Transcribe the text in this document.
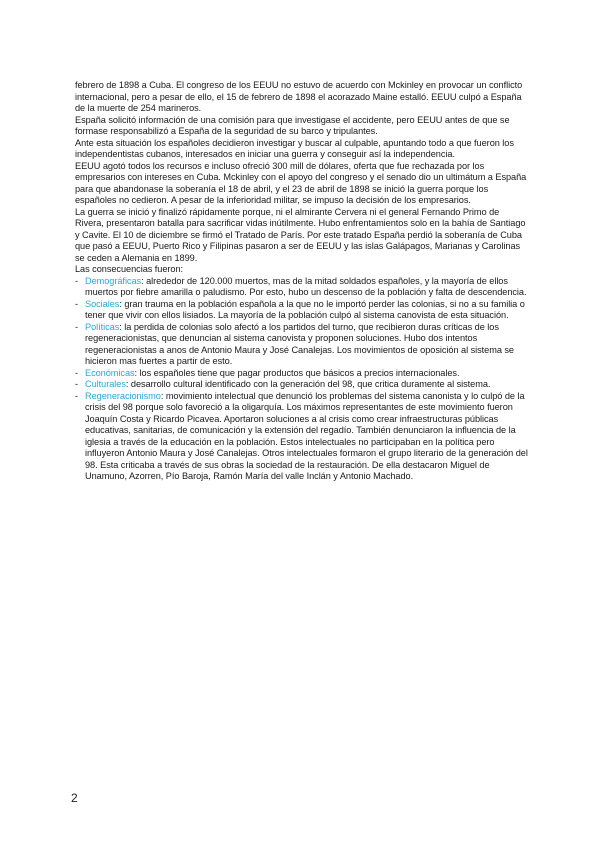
febrero de 1898 a Cuba. El congreso de los EEUU no estuvo de acuerdo con Mckinley en provocar un conflicto internacional, pero a pesar de ello, el 15 de febrero de 1898 el acorazado Maine estalló. EEUU culpó a España de la muerte de 254 marineros.

España solicitó información de una comisión para que investigase el accidente, pero EEUU antes de que se formase responsabilizó a España de la seguridad de su barco y tripulantes.

Ante esta situación los españoles decidieron investigar y buscar al culpable, apuntando todo a que fueron los independentistas cubanos, interesados en iniciar una guerra y conseguir así la independencia.

EEUU agotó todos los recursos e incluso ofreció 300 mill de dólares, oferta que fue rechazada por los empresarios con intereses en Cuba. Mckinley con el apoyo del congreso y el senado dio un ultimátum a España para que abandonase la soberanía el 18 de abril, y el 23 de abril de 1898 se inició la guerra porque los españoles no cedieron. A pesar de la inferioridad militar, se impuso la decisión de los empresarios.

La guerra se inició y finalizó rápidamente porque, ni el almirante Cervera ni el general Fernando Primo de Rivera, presentaron batalla para sacrificar vidas inútilmente. Hubo enfrentamientos solo en la bahía de Santiago y Cavite. El 10 de diciembre se firmó el Tratado de París. Por este tratado España perdió la soberanía de Cuba que pasó a EEUU, Puerto Rico y Filipinas pasaron a ser de EEUU y las islas Galápagos, Marianas y Carolinas se ceden a Alemania en 1899.

Las consecuencias fueron:

- Demográficas: alrededor de 120.000 muertos, mas de la mitad soldados españoles, y la mayoría de ellos muertos por fiebre amarilla o paludismo. Por esto, hubo un descenso de la población y falta de descendencia.
- Sociales: gran trauma en la población española a la que no le importó perder las colonias, si no a su familia o tener que vivir con ellos lisiados. La mayoría de la población culpó al sistema canovista de esta situación.
- Políticas: la perdida de colonias solo afectó a los partidos del turno, que recibieron duras críticas de los regeneracionistas, que denuncian al sistema canovista y proponen soluciones. Hubo dos intentos regeneracionistas a anos de Antonio Maura y José Canalejas. Los movimientos de oposición al sistema se hicieron mas fuertes a partir de esto.
- Económicas: los españoles tiene que pagar productos que básicos a precios internacionales.
- Culturales: desarrollo cultural identificado con la generación del 98, que critica duramente al sistema.
- Regeneracionismo: movimiento intelectual que denunció los problemas del sistema canonista y lo culpó de la crisis del 98 porque solo favoreció a la oligarquía. Los máximos representantes de este movimiento fueron Joaquín Costa y Ricardo Picavea. Aportaron soluciones a al crisis como crear infraestructuras públicas educativas, sanitarias, de comunicación y la extensión del regadío. También denunciaron la influencia de la iglesia a través de la educación en la población. Estos intelectuales no participaban en la política pero influyeron Antonio Maura y José Canalejas. Otros intelectuales formaron el grupo literario de la generación del 98. Esta criticaba a través de sus obras la sociedad de la restauración. De ella destacaron Miguel de Unamuno, Azorren, Pío Baroja, Ramón María del valle Inclán y Antonio Machado.
2
